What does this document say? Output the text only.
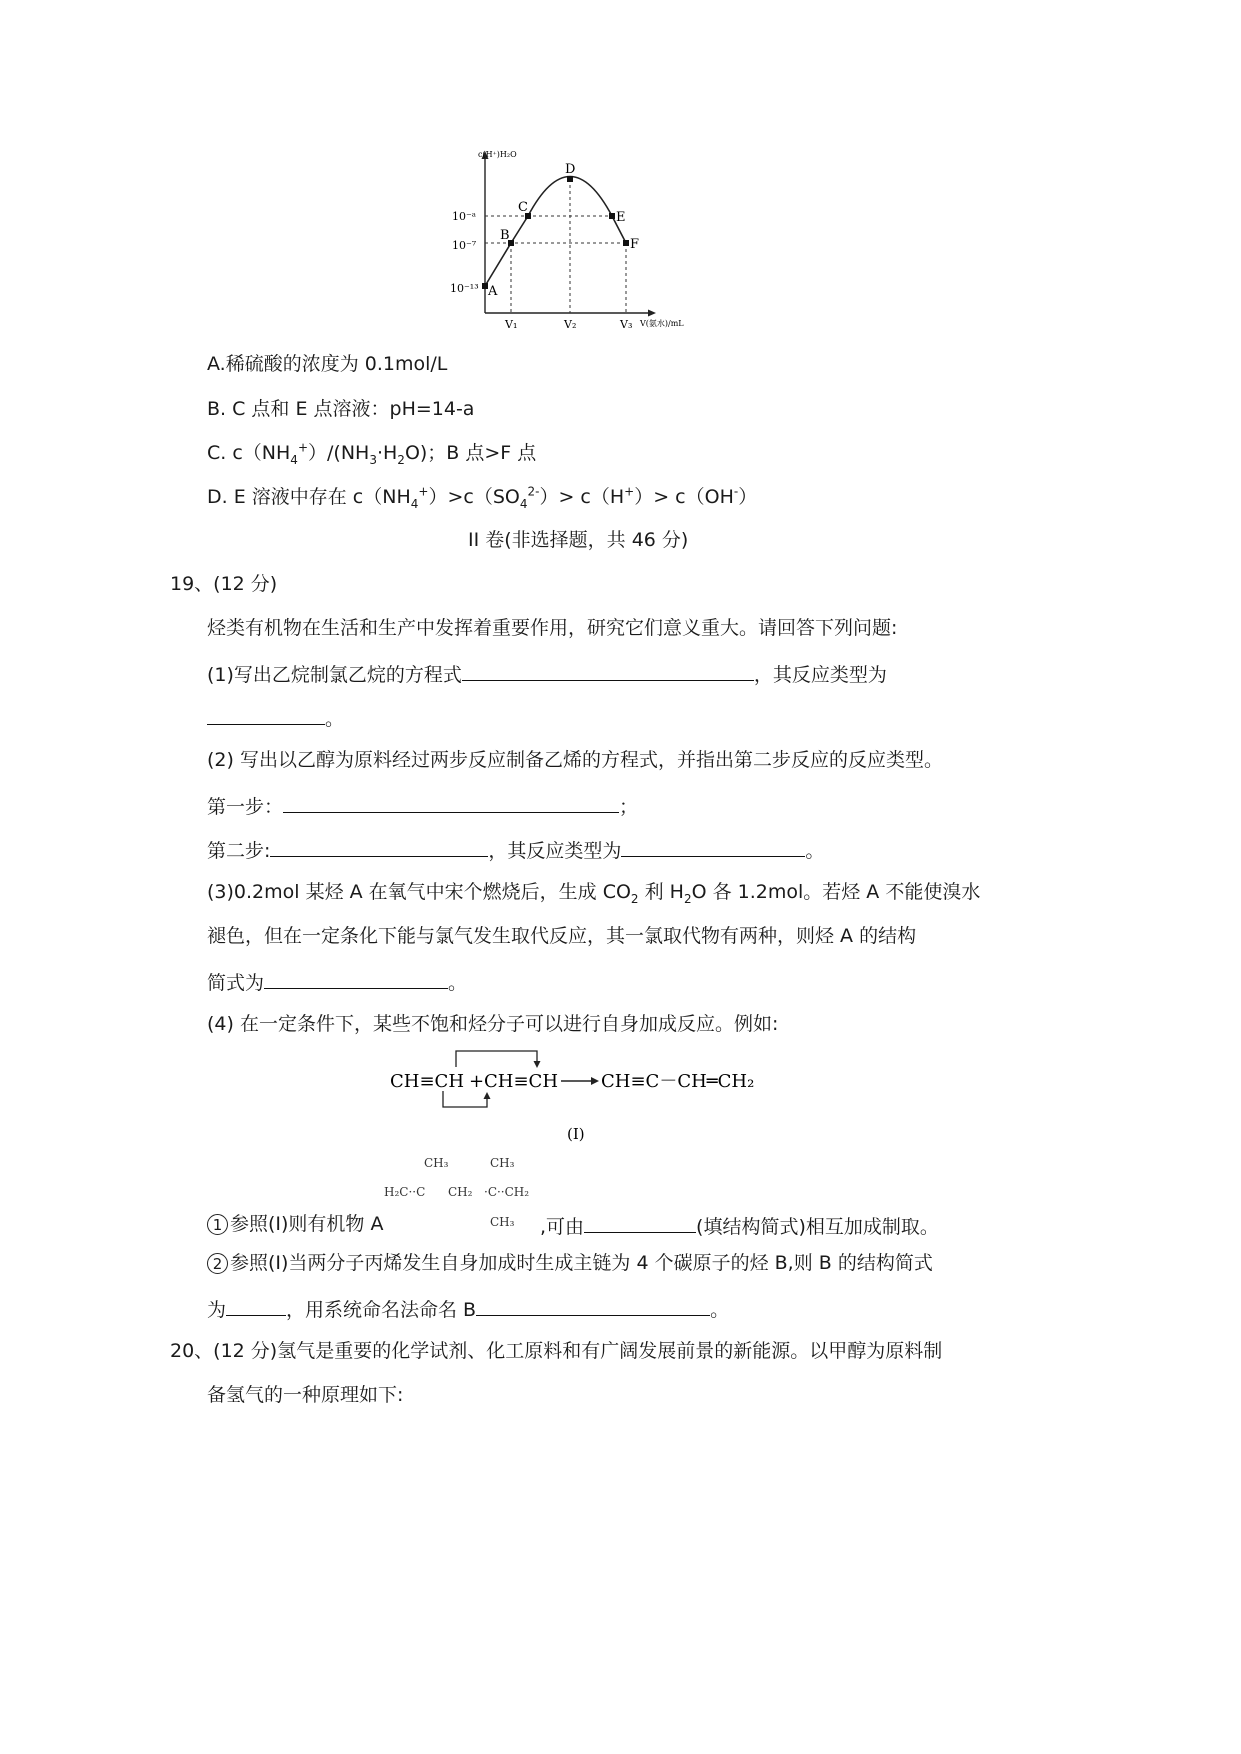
A
B
C
D
E
F
c(H⁺)H₂O
10⁻ᵃ
10⁻⁷
10⁻¹³
V₁	V₂	V₃ V(氨水)/mL
A.稀硫酸的浓度为 0.1mol/L
B. C 点和 E 点溶液：pH=14-a
C. $c(NH_4^+)/(NH_3\cdot H_2O)$；B 点>F 点
D. E 溶液中存在 $c(NH_4^+)>c(SO_4^{2-})> c(H^+)> c(OH^-)$
II 卷(非选择题，共 46 分)
19、(12 分)
烃类有机物在生活和生产中发挥着重要作用，研究它们意义重大。请回答下列问题:
(1)写出乙烷制氯乙烷的方程式	，其反应类型为
。
(2) 写出以乙醇为原料经过两步反应制备乙烯的方程式，并指出第二步反应的反应类型。
第一步：	；
第二步:	，其反应类型为	。
(3)0.2mol 某烃 A 在氧气中宋个燃烧后，生成 $CO_2$ 利 $H_2O$ 各 1.2mol。若烃 A 不能使溴水
褪色，但在一定条化下能与氯气发生取代反应，其一氯取代物有两种，则烃 A 的结构
简式为	。
(4) 在一定条件下，某些不饱和烃分子可以进行自身加成反应。例如:
CH≡CH + CH≡CH CH≡C－CH═CH₂
(I)
CH₃	CH₃
H₂C··C CH₂ ·C··CH₂
CH₃
1 参照(I)则有机物 A	,可由	(填结构简式)相互加成制取。
2 参照(I)当两分子丙烯发生自身加成时生成主链为 4 个碳原子的烃 B,则 B 的结构简式
为	，用系统命名法命名 B	。
20、(12 分)氢气是重要的化学试剂、化工原料和有广阔发展前景的新能源。以甲醇为原料制
备氢气的一种原理如下:
